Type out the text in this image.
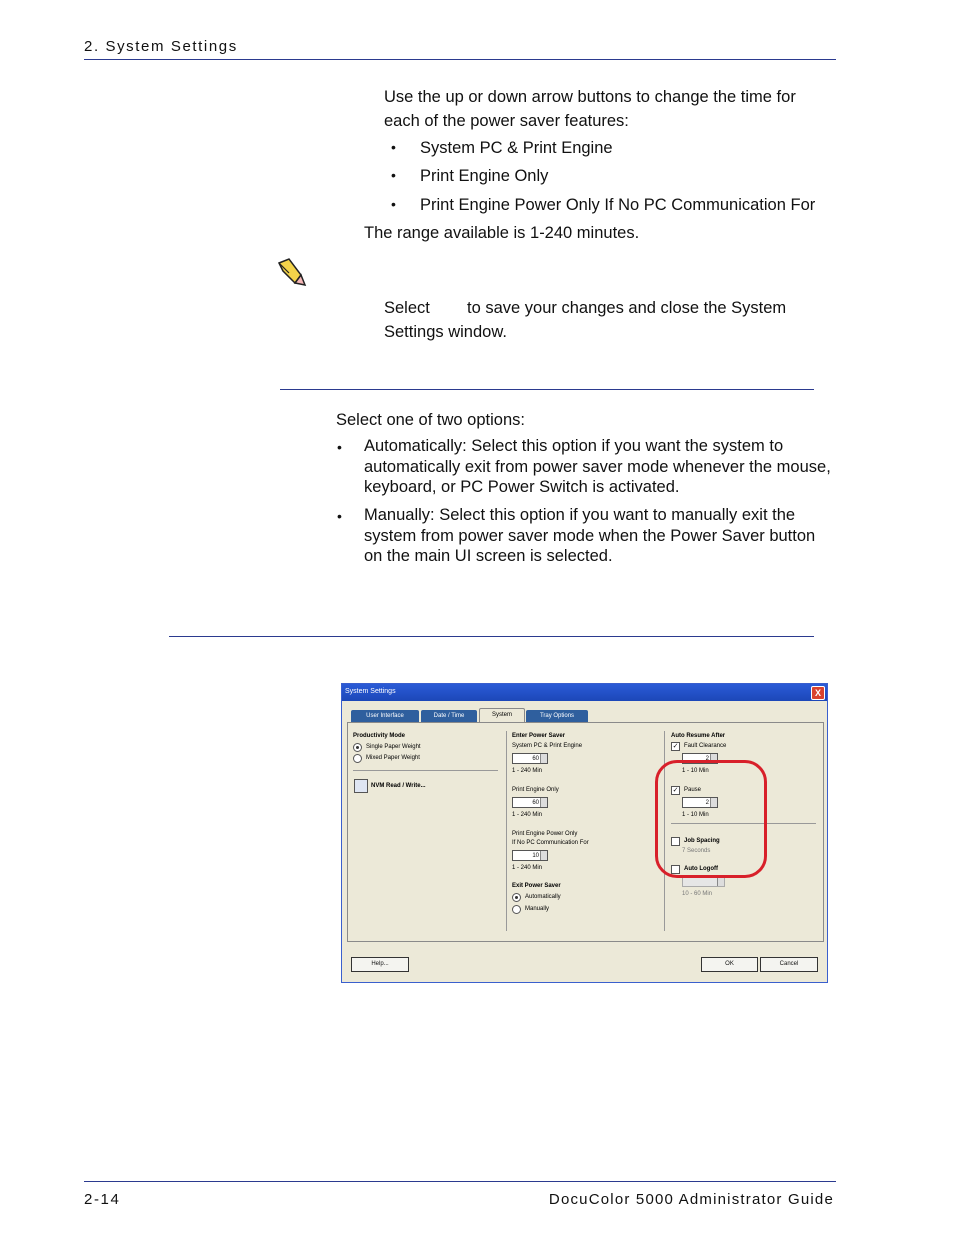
2. System Settings
Use the up or down arrow buttons to change the time for each of the power saver features:
• System PC & Print Engine
• Print Engine Only
• Print Engine Power Only If No PC Communication For
The range available is 1-240 minutes.
Select to save your changes and close the System
Settings window.
Select one of two options:
• Automatically: Select this option if you want the system to automatically exit from power saver mode whenever the mouse, keyboard, or PC Power Switch is activated.
• Manually: Select this option if you want to manually exit the system from power saver mode when the Power Saver button on the main UI screen is selected.
System Settings	X
User Interface	Date / Time	System	Tray Options
Productivity Mode
Single Paper Weight
Mixed Paper Weight
NVM Read / Write...
Enter Power Saver
System PC & Print Engine
60
1 - 240 Min
Print Engine Only
60
1 - 240 Min
Print Engine Power Only
If No PC Communication For
10
1 - 240 Min
Exit Power Saver
Automatically
Manually
Auto Resume After
✓ Fault Clearance
2
1 - 10 Min
✓ Pause
2
1 - 10 Min
Job Spacing
7 Seconds
Auto Logoff
10 - 60 Min
Help...	OK	Cancel
2-14	DocuColor 5000 Administrator Guide
